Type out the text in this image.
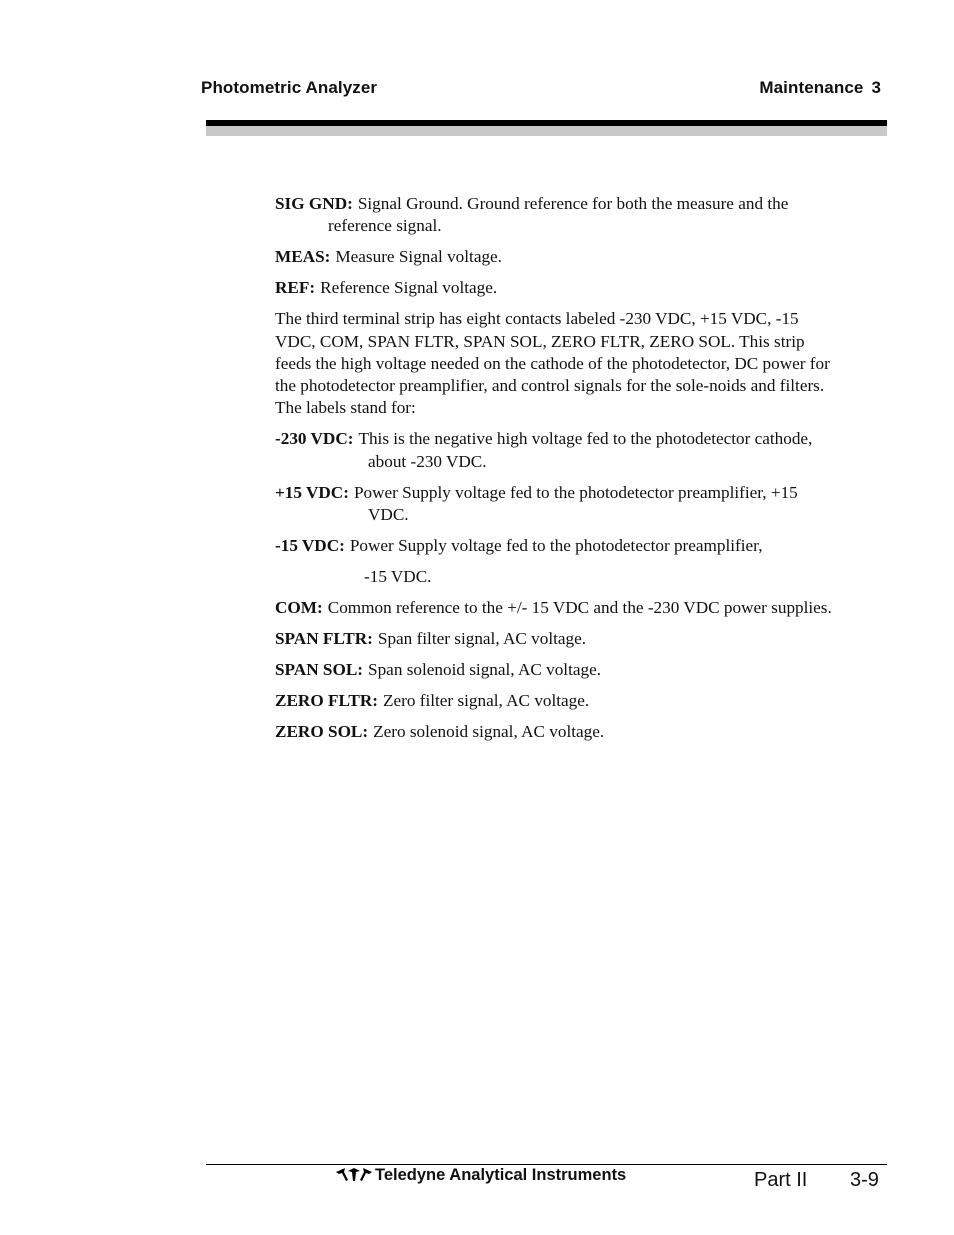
Photometric Analyzer	Maintenance 3

SIG GND: Signal Ground. Ground reference for both the measure and the reference signal.

MEAS: Measure Signal voltage.

REF: Reference Signal voltage.

The third terminal strip has eight contacts labeled -230 VDC, +15 VDC, -15 VDC, COM, SPAN FLTR, SPAN SOL, ZERO FLTR, ZERO SOL. This strip feeds the high voltage needed on the cathode of the photodetector, DC power for the photodetector preamplifier, and control signals for the sole-noids and filters. The labels stand for:

-230 VDC: This is the negative high voltage fed to the photodetector cathode, about -230 VDC.

+15 VDC: Power Supply voltage fed to the photodetector preamplifier, +15 VDC.

-15 VDC: Power Supply voltage fed to the photodetector preamplifier,

-15 VDC.

COM: Common reference to the +/- 15 VDC and the -230 VDC power supplies.

SPAN FLTR: Span filter signal, AC voltage.

SPAN SOL: Span solenoid signal, AC voltage.

ZERO FLTR: Zero filter signal, AC voltage.

ZERO SOL: Zero solenoid signal, AC voltage.

Teledyne Analytical Instruments	Part II 3-9
